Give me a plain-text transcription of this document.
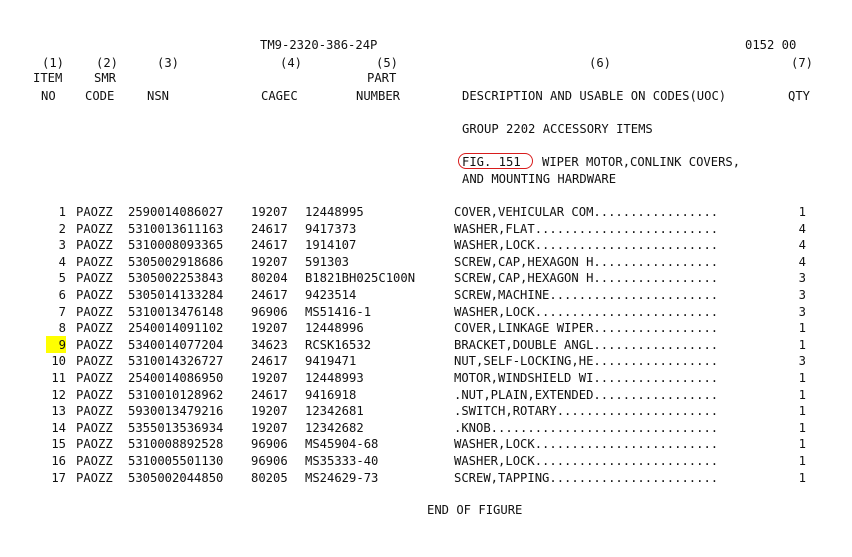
TM9-2320-386-24P	0152 00
(1)	(2)	(3)	(4)	(5)	(6)	(7)
ITEM	SMR	PART
NO CODE	NSN	CAGEC	NUMBER	DESCRIPTION AND USABLE ON CODES(UOC)	QTY
GROUP 2202 ACCESSORY ITEMS
FIG. 151 WIPER MOTOR,CONLINK COVERS,
AND MOUNTING HARDWARE
1 PAOZZ 2590014086027 19207 12448995	COVER,VEHICULAR COM.................	1
2 PAOZZ 5310013611163 24617 9417373	WASHER,FLAT.........................	4
3 PAOZZ 5310008093365 24617 1914107	WASHER,LOCK.........................	4
4 PAOZZ 5305002918686 19207 591303	SCREW,CAP,HEXAGON H.................	4
5 PAOZZ 5305002253843 80204 B1821BH025C100N	SCREW,CAP,HEXAGON H.................	3
6 PAOZZ 5305014133284 24617 9423514	SCREW,MACHINE.......................	3
7 PAOZZ 5310013476148 96906 MS51416-1	WASHER,LOCK.........................	3
8 PAOZZ 2540014091102 19207 12448996	COVER,LINKAGE WIPER.................	1
9 PAOZZ 5340014077204 34623 RCSK16532	BRACKET,DOUBLE ANGL.................	1
10 PAOZZ 5310014326727 24617 9419471	NUT,SELF-LOCKING,HE.................	3
11 PAOZZ 2540014086950 19207 12448993	MOTOR,WINDSHIELD WI.................	1
12 PAOZZ 5310010128962 24617 9416918	.NUT,PLAIN,EXTENDED.................	1
13 PAOZZ 5930013479216 19207 12342681	.SWITCH,ROTARY......................	1
14 PAOZZ 5355013536934 19207 12342682	.KNOB...............................	1
15 PAOZZ 5310008892528 96906 MS45904-68	WASHER,LOCK.........................	1
16 PAOZZ 5310005501130 96906 MS35333-40	WASHER,LOCK.........................	1
17 PAOZZ 5305002044850 80205 MS24629-73	SCREW,TAPPING.......................	1
END OF FIGURE
